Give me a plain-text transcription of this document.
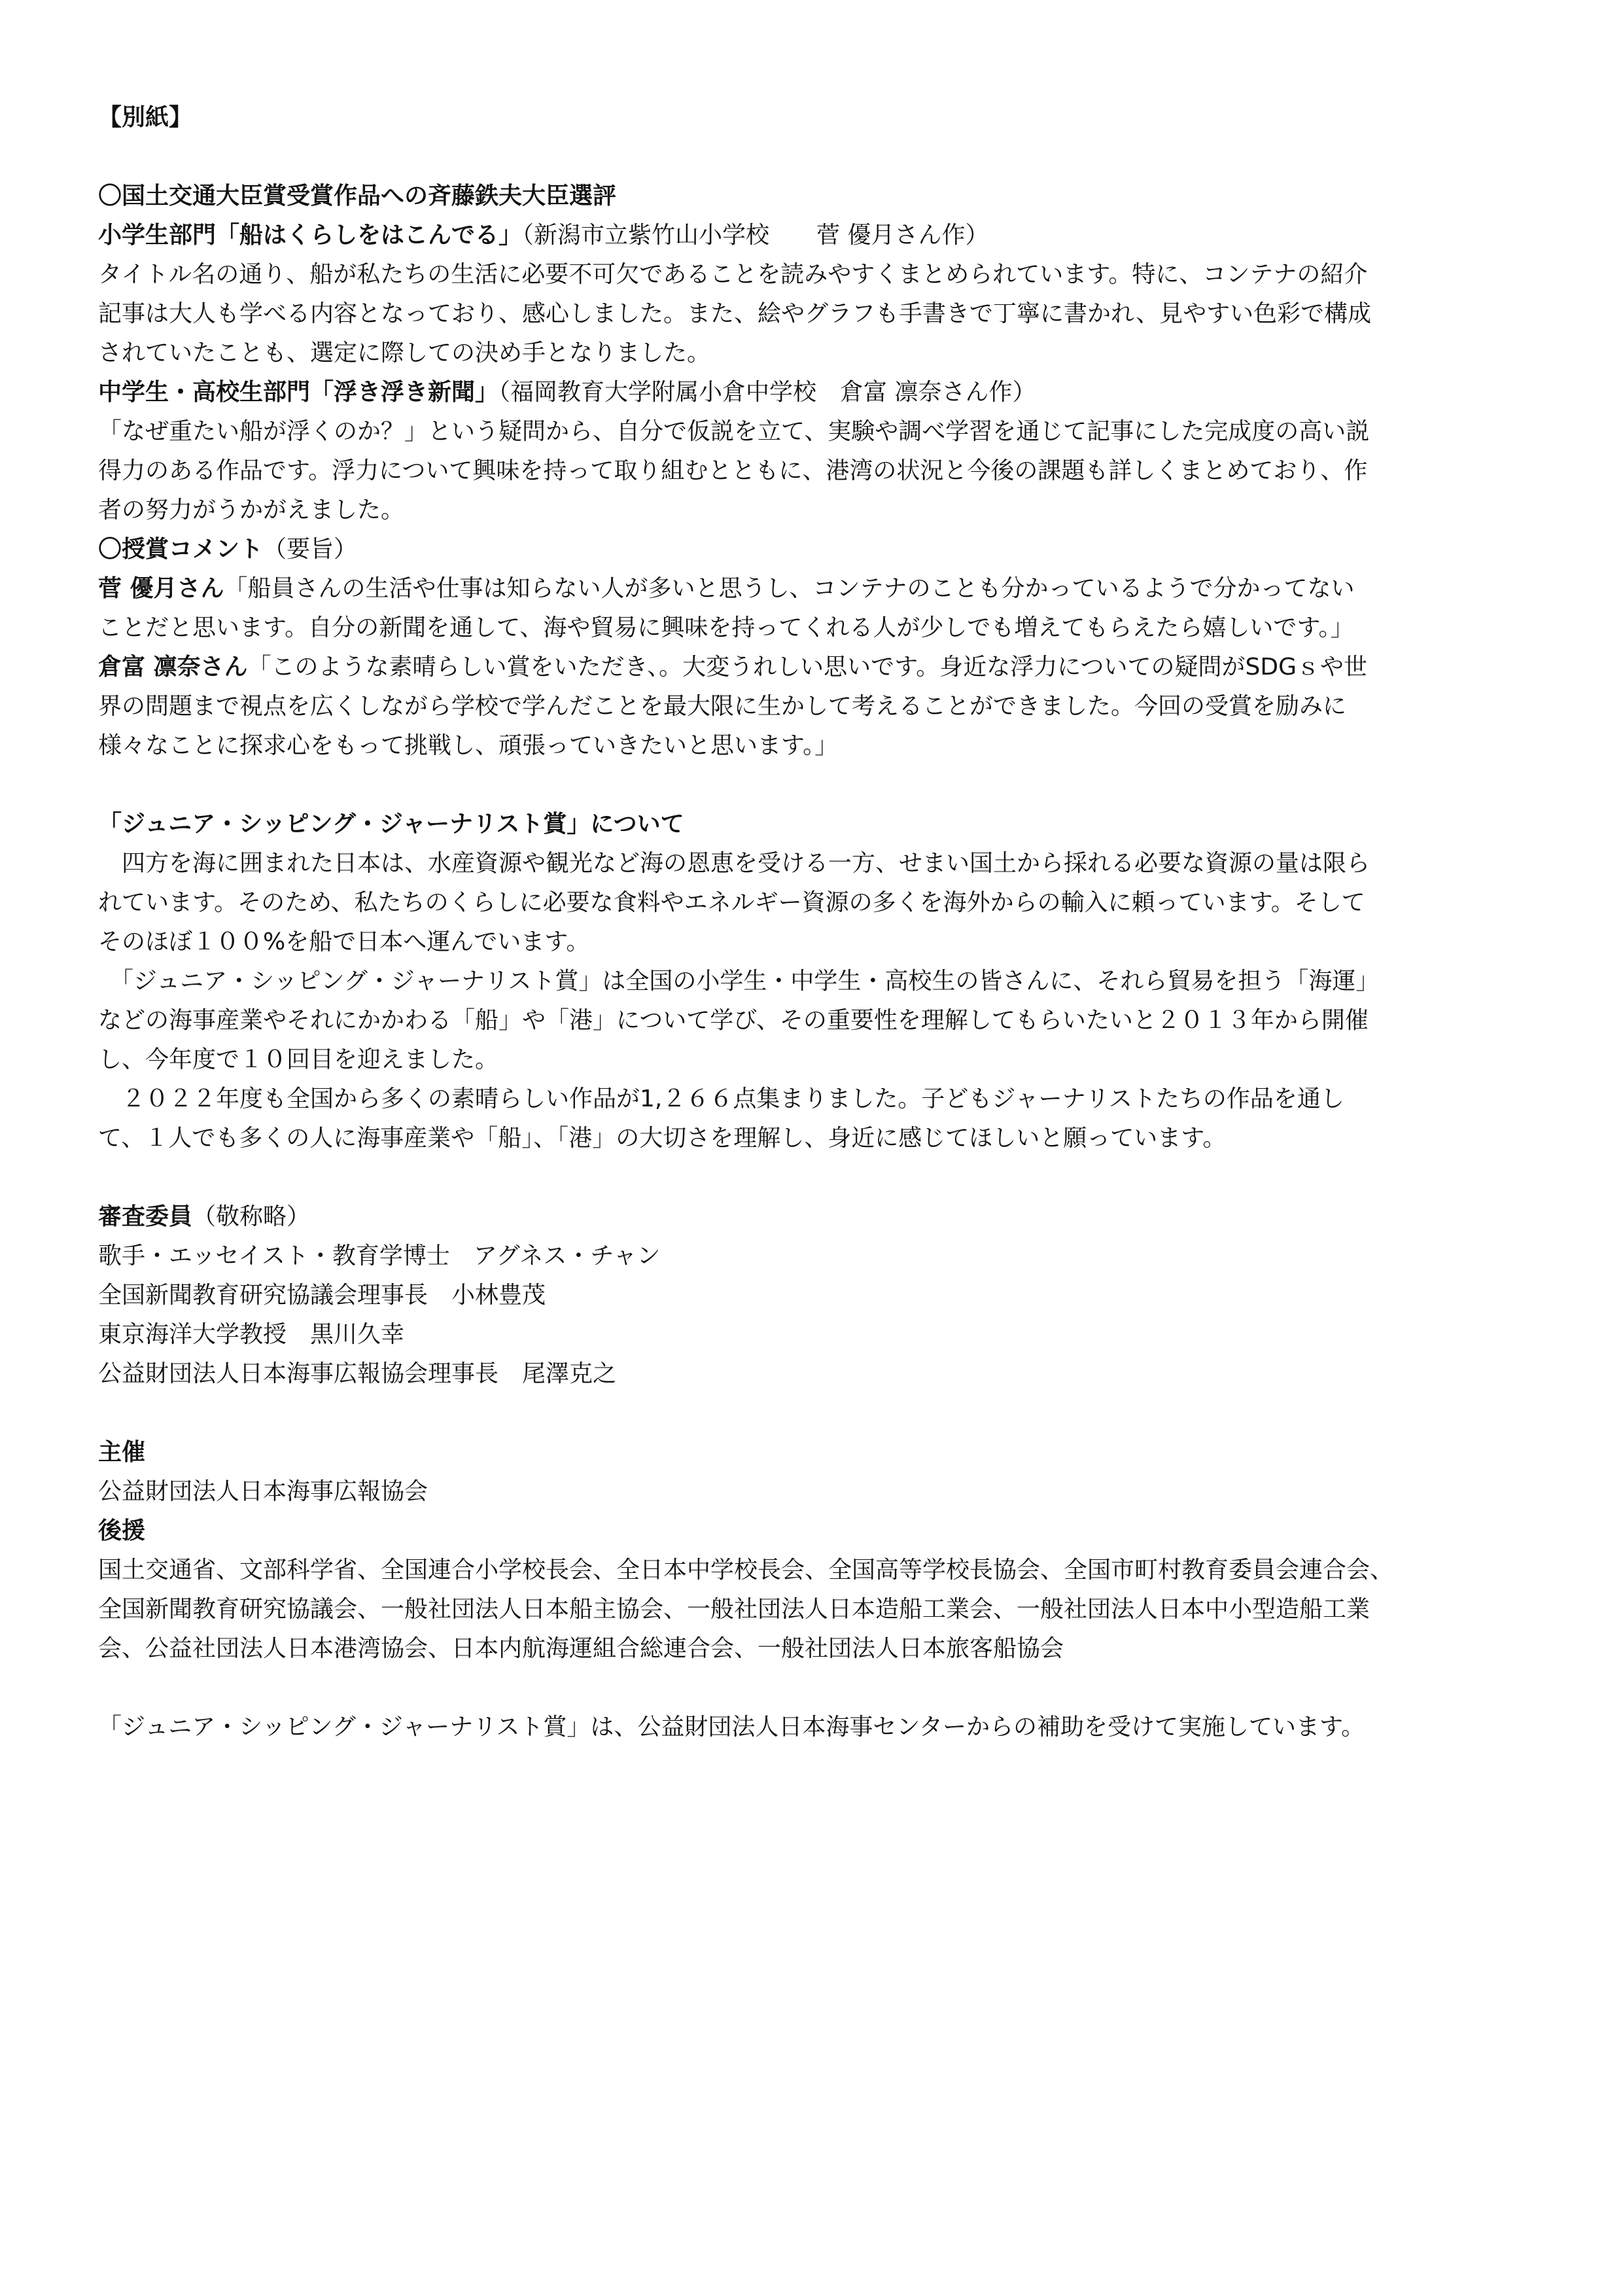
【別紙】
〇国土交通大臣賞受賞作品への斉藤鉄夫大臣選評
小学生部門「船はくらしをはこんでる」（新潟市立紫竹山小学校　　菅 優月さん作）
タイトル名の通り、船が私たちの生活に必要不可欠であることを読みやすくまとめられています。特に、コンテナの紹介
記事は大人も学べる内容となっており、感心しました。また、絵やグラフも手書きで丁寧に書かれ、見やすい色彩で構成
されていたことも、選定に際しての決め手となりました。
中学生・高校生部門「浮き浮き新聞」（福岡教育大学附属小倉中学校　倉富 凛奈さん作）
「なぜ重たい船が浮くのか？」という疑問から、自分で仮説を立て、実験や調べ学習を通じて記事にした完成度の高い説
得力のある作品です。浮力について興味を持って取り組むとともに、港湾の状況と今後の課題も詳しくまとめており、作
者の努力がうかがえました。
〇授賞コメント（要旨）
菅 優月さん「船員さんの生活や仕事は知らない人が多いと思うし、コンテナのことも分かっているようで分かってない
ことだと思います。自分の新聞を通して、海や貿易に興味を持ってくれる人が少しでも増えてもらえたら嬉しいです。」
倉富 凛奈さん「このような素晴らしい賞をいただき、。大変うれしい思いです。身近な浮力についての疑問がSDGｓや世
界の問題まで視点を広くしながら学校で学んだことを最大限に生かして考えることができました。今回の受賞を励みに
様々なことに探求心をもって挑戦し、頑張っていきたいと思います。」
「ジュニア・シッピング・ジャーナリスト賞」について
　四方を海に囲まれた日本は、水産資源や観光など海の恩恵を受ける一方、せまい国土から採れる必要な資源の量は限ら
れています。そのため、私たちのくらしに必要な食料やエネルギー資源の多くを海外からの輸入に頼っています。そして
そのほぼ１００%を船で日本へ運んでいます。
　「ジュニア・シッピング・ジャーナリスト賞」は全国の小学生・中学生・高校生の皆さんに、それら貿易を担う「海運」
などの海事産業やそれにかかわる「船」や「港」について学び、その重要性を理解してもらいたいと２０１３年から開催
し、今年度で１０回目を迎えました。
　２０２２年度も全国から多くの素晴らしい作品が1,２６６点集まりました。子どもジャーナリストたちの作品を通し
て、１人でも多くの人に海事産業や「船」、「港」の大切さを理解し、身近に感じてほしいと願っています。
審査委員（敬称略）
歌手・エッセイスト・教育学博士　アグネス・チャン
全国新聞教育研究協議会理事長　小林豊茂
東京海洋大学教授　黒川久幸
公益財団法人日本海事広報協会理事長　尾澤克之
主催
公益財団法人日本海事広報協会
後援
国土交通省、文部科学省、全国連合小学校長会、全日本中学校長会、全国高等学校長協会、全国市町村教育委員会連合会、
全国新聞教育研究協議会、一般社団法人日本船主協会、一般社団法人日本造船工業会、一般社団法人日本中小型造船工業
会、公益社団法人日本港湾協会、日本内航海運組合総連合会、一般社団法人日本旅客船協会
「ジュニア・シッピング・ジャーナリスト賞」は、公益財団法人日本海事センターからの補助を受けて実施しています。
